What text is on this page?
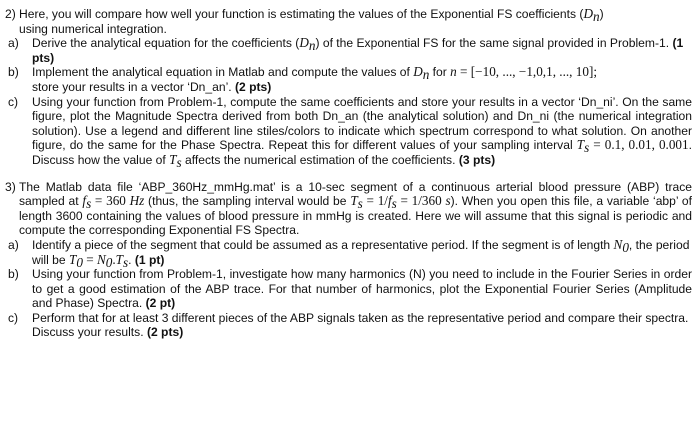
2) Here, you will compare how well your function is estimating the values of the Exponential FS coefficients $(D_n)$
using numerical integration.
a)	Derive the analytical equation for the coefficients $(D_n)$ of the Exponential FS for the same signal provided in Problem-1. (1 pts)
b)	Implement the analytical equation in Matlab and compute the values of $D_n$ for n = [−10, ..., −1,0,1, ..., 10];
store your results in a vector ‘Dn_an’. (2 pts)
c)	Using your function from Problem-1, compute the same coefficients and store your results in a vector ‘Dn_ni’. On the same figure, plot the Magnitude Spectra derived from both Dn_an (the analytical solution) and Dn_ni (the numerical integration solution). Use a legend and different line stiles/colors to indicate which spectrum correspond to what solution. On another figure, do the same for the Phase Spectra. Repeat this for different values of your sampling interval $T_s = 0.1$, 0.01, 0.001. Discuss how the value of $T_s$ affects the numerical estimation of the coefficients. (3 pts)
3) The Matlab data file ‘ABP_360Hz_mmHg.mat’ is a 10-sec segment of a continuous arterial blood pressure (ABP) trace sampled at $f_s = 360$ Hz (thus, the sampling interval would be $T_s = 1/f_s = 1/360$ s). When you open this file, a variable ‘abp’ of length 3600 containing the values of blood pressure in mmHg is created. Here we will assume that this signal is periodic and compute the corresponding Exponential FS Spectra.
a)	Identify a piece of the segment that could be assumed as a representative period. If the segment is of length $N_0$, the period will be $T_0 = N_0.T_s$. (1 pt)
b)	Using your function from Problem-1, investigate how many harmonics (N) you need to include in the Fourier Series in order to get a good estimation of the ABP trace. For that number of harmonics, plot the Exponential Fourier Series (Amplitude and Phase) Spectra. (2 pt)
c)	Perform that for at least 3 different pieces of the ABP signals taken as the representative period and compare their spectra. Discuss your results. (2 pts)
